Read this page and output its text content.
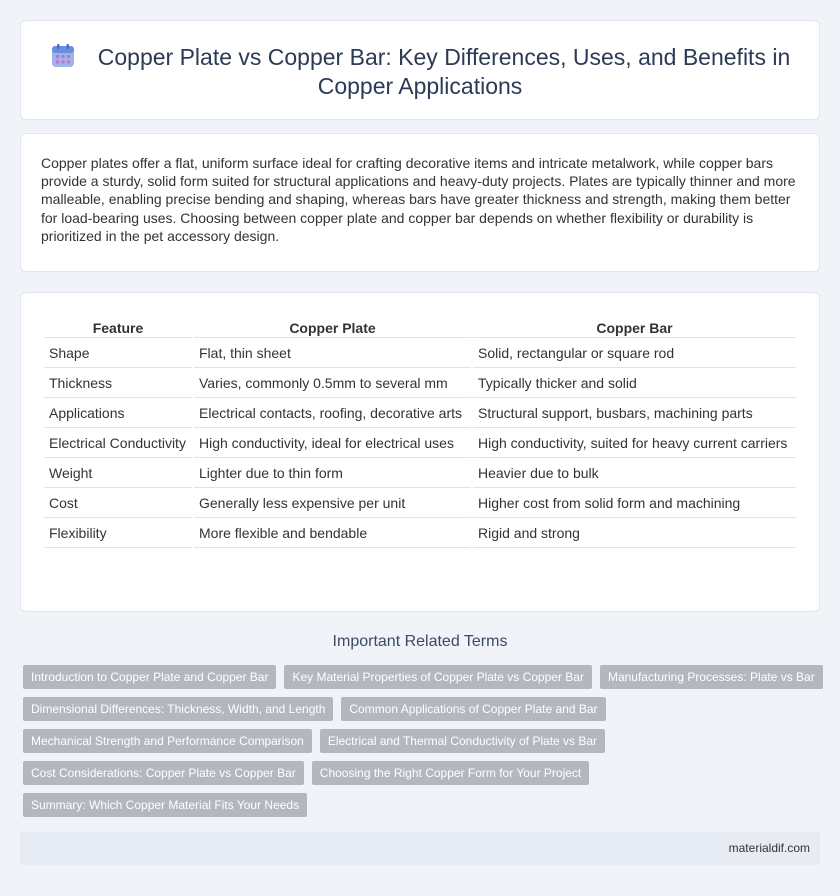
Copper Plate vs Copper Bar: Key Differences, Uses, and Benefits in Copper Applications

Copper plates offer a flat, uniform surface ideal for crafting decorative items and intricate metalwork, while copper bars provide a sturdy, solid form suited for structural applications and heavy-duty projects. Plates are typically thinner and more malleable, enabling precise bending and shaping, whereas bars have greater thickness and strength, making them better for load-bearing uses. Choosing between copper plate and copper bar depends on whether flexibility or durability is prioritized in the pet accessory design.

Feature	Copper Plate	Copper Bar
Shape	Flat, thin sheet	Solid, rectangular or square rod
Thickness	Varies, commonly 0.5mm to several mm	Typically thicker and solid
Applications	Electrical contacts, roofing, decorative arts	Structural support, busbars, machining parts
Electrical Conductivity	High conductivity, ideal for electrical uses	High conductivity, suited for heavy current carriers
Weight	Lighter due to thin form	Heavier due to bulk
Cost	Generally less expensive per unit	Higher cost from solid form and machining
Flexibility	More flexible and bendable	Rigid and strong
Important Related Terms
Introduction to Copper Plate and Copper Bar	Key Material Properties of Copper Plate vs Copper Bar	Manufacturing Processes: Plate vs Bar
Dimensional Differences: Thickness, Width, and Length	Common Applications of Copper Plate and Bar
Mechanical Strength and Performance Comparison	Electrical and Thermal Conductivity of Plate vs Bar
Cost Considerations: Copper Plate vs Copper Bar	Choosing the Right Copper Form for Your Project
Summary: Which Copper Material Fits Your Needs
materialdif.com
